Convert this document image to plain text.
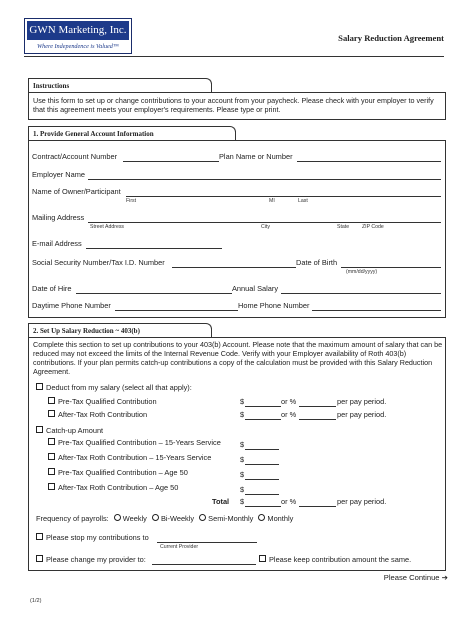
GWN Marketing, Inc.
Where Independence is Valued™
Salary Reduction Agreement
Instructions
Use this form to set up or change contributions to your account from your paycheck. Please check with your employer to verify that this agreement meets your employer's requirements. Please type or print.
1. Provide General Account Information
Contract/Account Number	Plan Name or Number
Employer Name
Name of Owner/Participant
First	MI	Last
Mailing Address
Street Address	City	State ZIP Code
E-mail Address
Social Security Number/Tax I.D. Number	Date of Birth
(mm/dd/yyyy)
Date of Hire	Annual Salary
Daytime Phone Number	Home Phone Number
2. Set Up Salary Reduction ~ 403(b)
Complete this section to set up contributions to your 403(b) Account. Please note that the maximum amount of salary that can be reduced may not exceed the limits of the Internal Revenue Code. Verify with your Employer availability of Roth 403(b) contributions. If your plan permits catch-up contributions a copy of the calculation must be provided with this Salary Reduction Agreement.
Deduct from my salary (select all that apply):
Pre-Tax Qualified Contribution	$	or %	per pay period.
After-Tax Roth Contribution	$	or %	per pay period.
Catch-up Amount
Pre-Tax Qualified Contribution – 15-Years Service	$
After-Tax Roth Contribution – 15-Years Service	$
Pre-Tax Qualified Contribution – Age 50	$
After-Tax Roth Contribution – Age 50	$
Total $	or %	per pay period.
Frequency of payrolls: Weekly Bi-Weekly Semi-Monthly Monthly
Please stop my contributions to
Current Provider
Please change my provider to:	Please keep contribution amount the same.
Please Continue ➔
(1/2)
